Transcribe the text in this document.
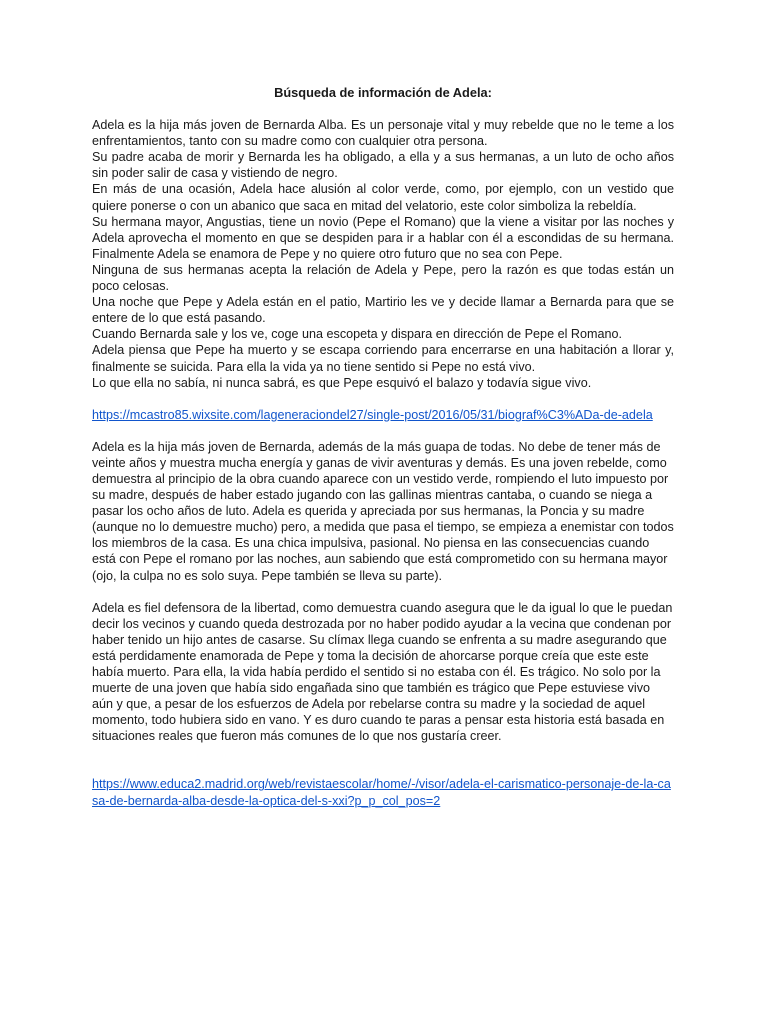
Búsqueda de información de Adela:

Adela es la hija más joven de Bernarda Alba. Es un personaje vital y muy rebelde que no le teme a los enfrentamientos, tanto con su madre como con cualquier otra persona.

Su padre acaba de morir y Bernarda les ha obligado, a ella y a sus hermanas, a un luto de ocho años sin poder salir de casa y vistiendo de negro.

En más de una ocasión, Adela hace alusión al color verde, como, por ejemplo, con un vestido que quiere ponerse o con un abanico que saca en mitad del velatorio, este color simboliza la rebeldía.

Su hermana mayor, Angustias, tiene un novio (Pepe el Romano) que la viene a visitar por las noches y Adela aprovecha el momento en que se despiden para ir a hablar con él a escondidas de su hermana. Finalmente Adela se enamora de Pepe y no quiere otro futuro que no sea con Pepe.

Ninguna de sus hermanas acepta la relación de Adela y Pepe, pero la razón es que todas están un poco celosas.

Una noche que Pepe y Adela están en el patio, Martirio les ve y decide llamar a Bernarda para que se entere de lo que está pasando.

Cuando Bernarda sale y los ve, coge una escopeta y dispara en dirección de Pepe el Romano.

Adela piensa que Pepe ha muerto y se escapa corriendo para encerrarse en una habitación a llorar y, finalmente se suicida. Para ella la vida ya no tiene sentido si Pepe no está vivo.

Lo que ella no sabía, ni nunca sabrá, es que Pepe esquivó el balazo y todavía sigue vivo.

https://mcastro85.wixsite.com/lageneraciondel27/single-post/2016/05/31/biograf%C3%ADa-de-adela

Adela es la hija más joven de Bernarda, además de la más guapa de todas. No debe de tener más de veinte años y muestra mucha energía y ganas de vivir aventuras y demás. Es una joven rebelde, como demuestra al principio de la obra cuando aparece con un vestido verde, rompiendo el luto impuesto por su madre, después de haber estado jugando con las gallinas mientras cantaba, o cuando se niega a pasar los ocho años de luto. Adela es querida y apreciada por sus hermanas, la Poncia y su madre (aunque no lo demuestre mucho) pero, a medida que pasa el tiempo, se empieza a enemistar con todos los miembros de la casa. Es una chica impulsiva, pasional. No piensa en las consecuencias cuando está con Pepe el romano por las noches, aun sabiendo que está comprometido con su hermana mayor (ojo, la culpa no es solo suya. Pepe también se lleva su parte).

Adela es fiel defensora de la libertad, como demuestra cuando asegura que le da igual lo que le puedan decir los vecinos y cuando queda destrozada por no haber podido ayudar a la vecina que condenan por haber tenido un hijo antes de casarse. Su clímax llega cuando se enfrenta a su madre asegurando que está perdidamente enamorada de Pepe y toma la decisión de ahorcarse porque creía que este este había muerto. Para ella, la vida había perdido el sentido si no estaba con él. Es trágico. No solo por la muerte de una joven que había sido engañada sino que también es trágico que Pepe estuviese vivo aún y que, a pesar de los esfuerzos de Adela por rebelarse contra su madre y la sociedad de aquel momento, todo hubiera sido en vano. Y es duro cuando te paras a pensar esta historia está basada en situaciones reales que fueron más comunes de lo que nos gustaría creer.

https://www.educa2.madrid.org/web/revistaescolar/home/-/visor/adela-el-carismatico-personaje-de-la-casa-de-bernarda-alba-desde-la-optica-del-s-xxi?p_p_col_pos=2
